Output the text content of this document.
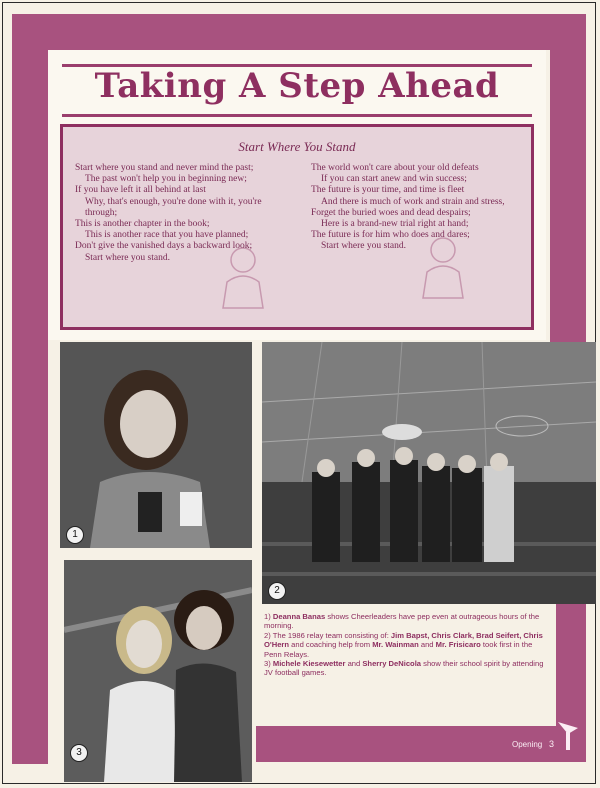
Taking A Step Ahead
Start Where You Stand
Start where you stand and never mind the past;
The past won't help you in beginning new;
If you have left it all behind at last
Why, that's enough, you're done with it, you're
through;
This is another chapter in the book;
This is another race that you have planned;
Don't give the vanished days a backward look;
Start where you stand.
The world won't care about your old defeats
If you can start anew and win success;
The future is your time, and time is fleet
And there is much of work and strain and stress,
Forget the buried woes and dead despairs;
Here is a brand-new trial right at hand;
The future is for him who does and dares;
Start where you stand.
1
2
3
1) Deanna Banas shows Cheerleaders have pep even at outrageous hours of the morning.
2) The 1986 relay team consisting of: Jim Bapst, Chris Clark, Brad Seifert, Chris O'Hern and coaching help from Mr. Wainman and Mr. Frisicaro took first in the Penn Relays.
3) Michele Kiesewetter and Sherry DeNicola show their school spirit by attending JV football games.
Opening 3
